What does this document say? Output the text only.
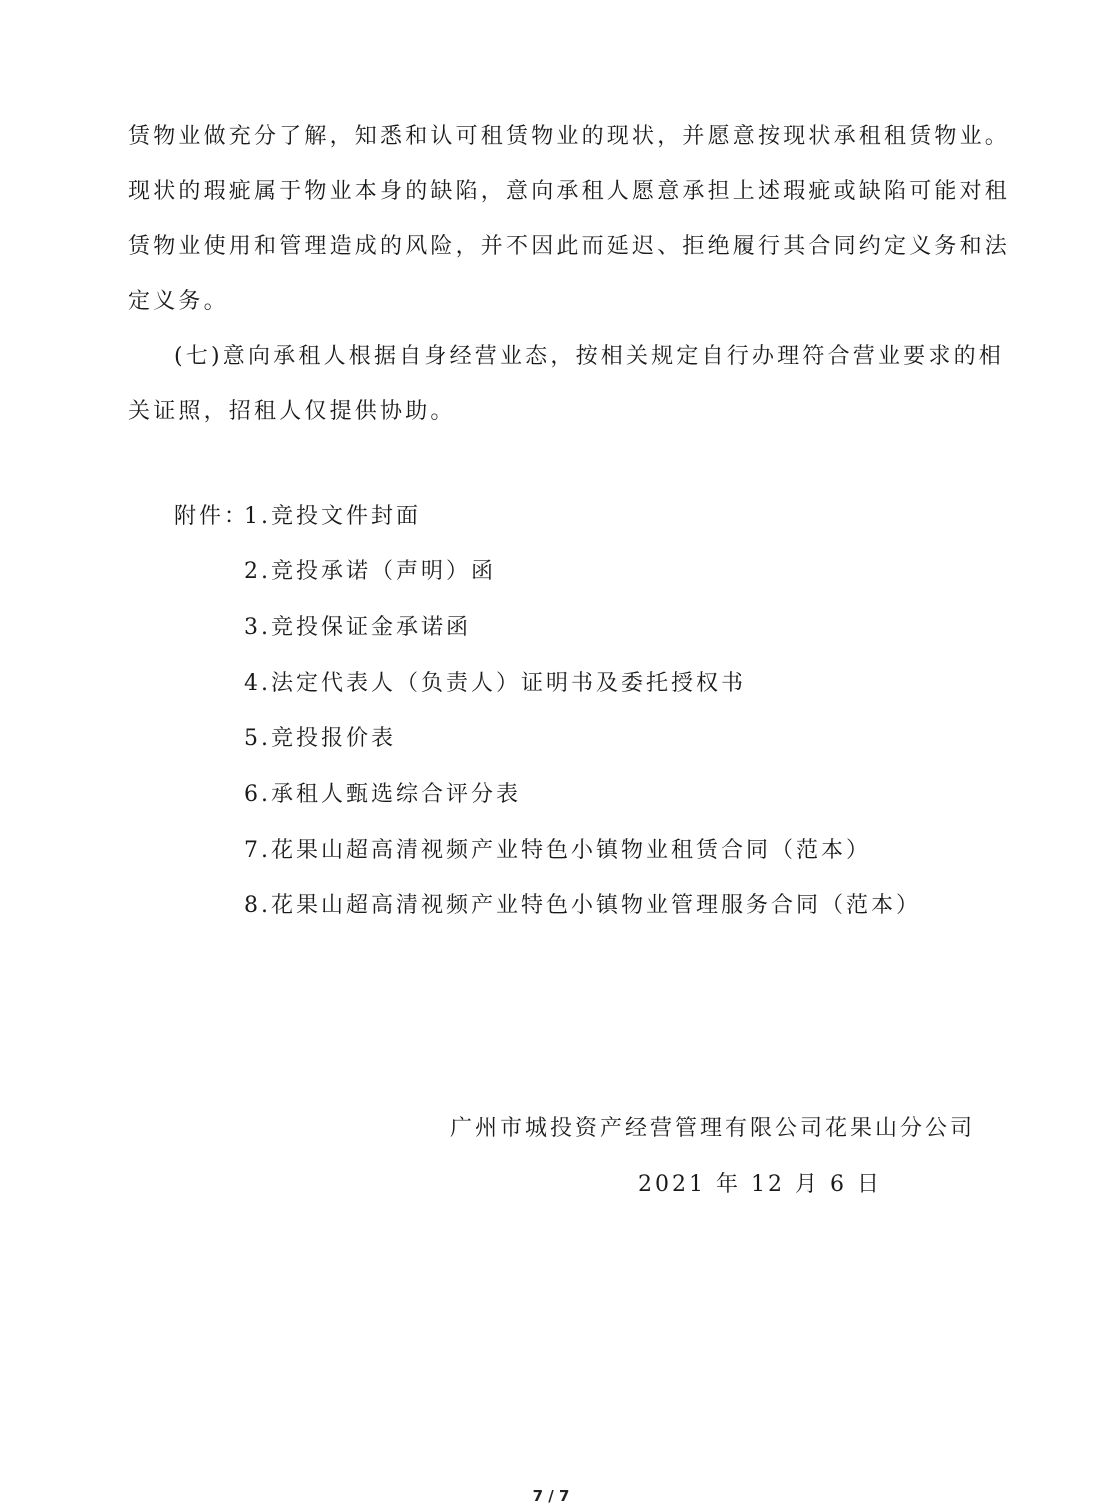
赁物业做充分了解，知悉和认可租赁物业的现状，并愿意按现状承租租赁物业。
现状的瑕疵属于物业本身的缺陷，意向承租人愿意承担上述瑕疵或缺陷可能对租
赁物业使用和管理造成的风险，并不因此而延迟、拒绝履行其合同约定义务和法
定义务。
(七)意向承租人根据自身经营业态，按相关规定自行办理符合营业要求的相
关证照，招租人仅提供协助。
附件：
1.竞投文件封面
2.竞投承诺（声明）函
3.竞投保证金承诺函
4.法定代表人（负责人）证明书及委托授权书
5.竞投报价表
6.承租人甄选综合评分表
7.花果山超高清视频产业特色小镇物业租赁合同（范本）
8.花果山超高清视频产业特色小镇物业管理服务合同（范本）
广州市城投资产经营管理有限公司花果山分公司
2021 年 12 月 6 日
7 / 7
